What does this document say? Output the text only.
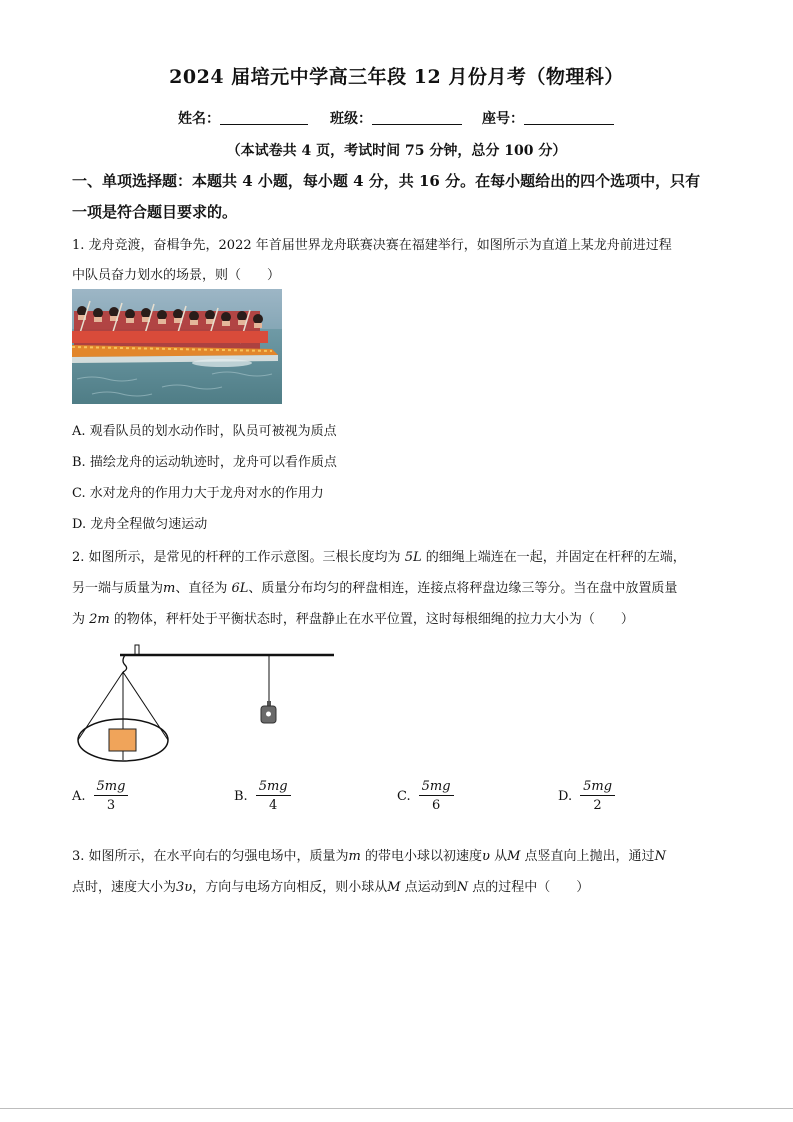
2024 届培元中学高三年段 12 月份月考（物理科）
姓名：	班级：	座号：
（本试卷共 4 页，考试时间 75 分钟，总分 100 分）
一、单项选择题：本题共 4 小题，每小题 4 分，共 16 分。在每小题给出的四个选项中，只有
一项是符合题目要求的。
1. 龙舟竞渡，奋楫争先，2022 年首届世界龙舟联赛决赛在福建举行，如图所示为直道上某龙舟前进过程
中队员奋力划水的场景，则（　　）
A. 观看队员的划水动作时，队员可被视为质点
B. 描绘龙舟的运动轨迹时，龙舟可以看作质点
C. 水对龙舟的作用力大于龙舟对水的作用力
D. 龙舟全程做匀速运动
2. 如图所示，是常见的杆秤的工作示意图。三根长度均为 5L 的细绳上端连在一起，并固定在杆秤的左端，
另一端与质量为m、直径为 6L、质量分布均匀的秤盘相连，连接点将秤盘边缘三等分。当在盘中放置质量
为 2m 的物体，秤杆处于平衡状态时，秤盘静止在水平位置，这时每根细绳的拉力大小为（　　）
A. $\frac{5mg}{3}$	B. $\frac{5mg}{4}$	C. $\frac{5mg}{6}$	D. $\frac{5mg}{2}$
3. 如图所示，在水平向右的匀强电场中，质量为m 的带电小球以初速度υ 从M 点竖直向上抛出，通过N
点时，速度大小为3υ，方向与电场方向相反，则小球从M 点运动到N 点的过程中（　　）
